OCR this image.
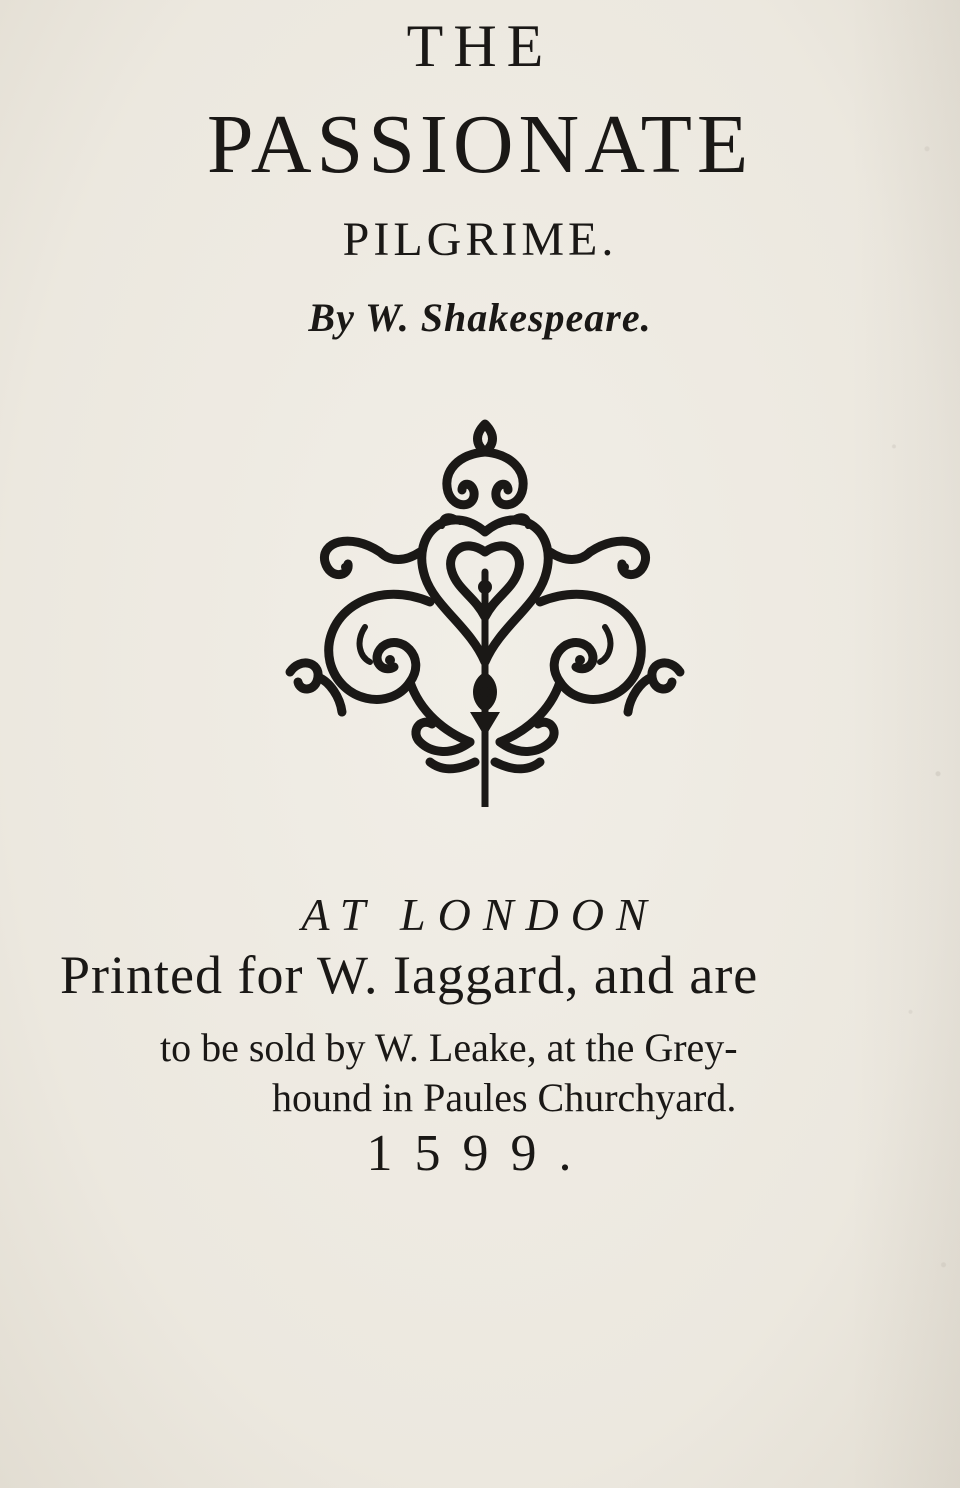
THE
PASSIONATE
PILGRIME.
By W. Shakespeare.
AT LONDON
Printed for W. Iaggard, and are
to be sold by W. Leake, at the Grey-
hound in Paules Churchyard.
1599.
